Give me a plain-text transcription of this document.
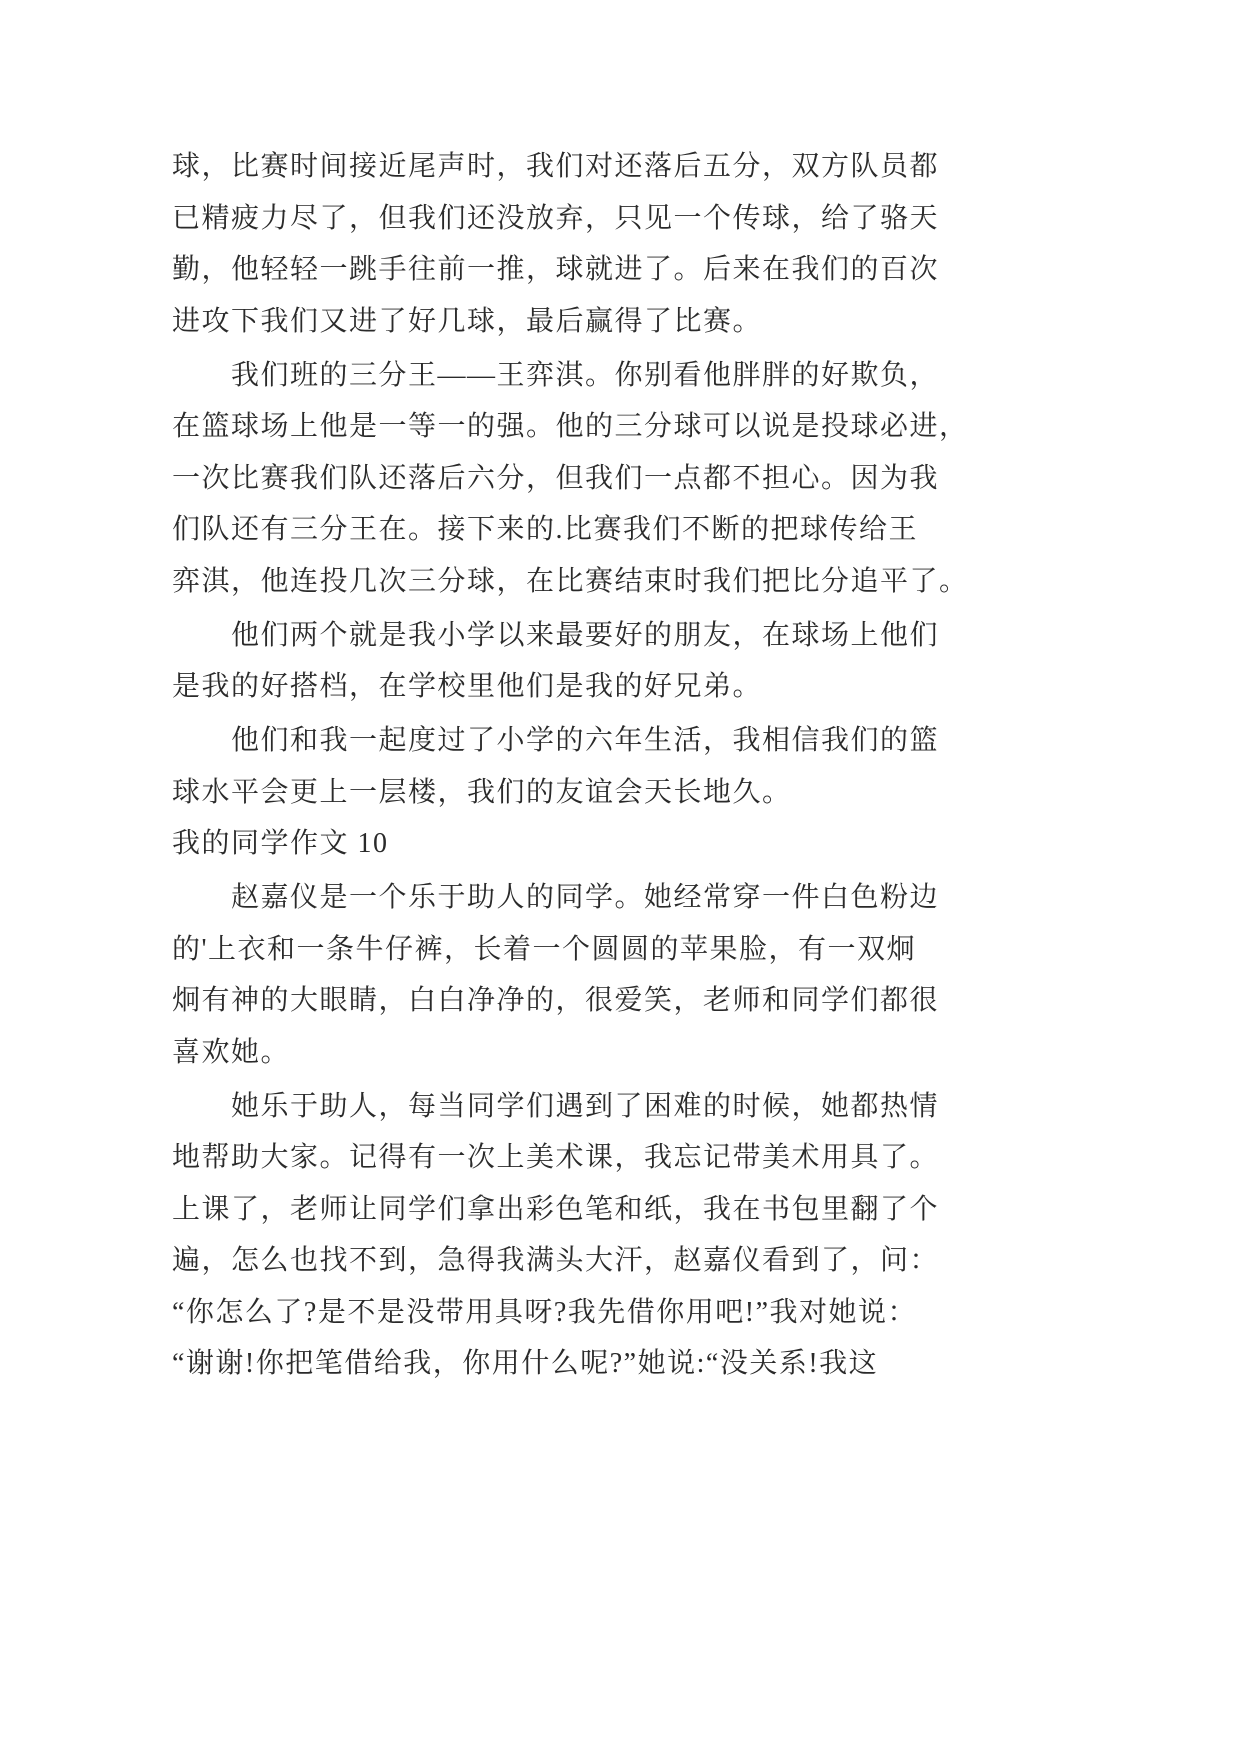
球，比赛时间接近尾声时，我们对还落后五分，双方队员都
已精疲力尽了，但我们还没放弃，只见一个传球，给了骆天
勤，他轻轻一跳手往前一推，球就进了。后来在我们的百次
进攻下我们又进了好几球，最后赢得了比赛。
我们班的三分王——王弈淇。你别看他胖胖的好欺负，
在篮球场上他是一等一的强。他的三分球可以说是投球必进，
一次比赛我们队还落后六分，但我们一点都不担心。因为我
们队还有三分王在。接下来的.比赛我们不断的把球传给王
弈淇，他连投几次三分球，在比赛结束时我们把比分追平了。
他们两个就是我小学以来最要好的朋友，在球场上他们
是我的好搭档，在学校里他们是我的好兄弟。
他们和我一起度过了小学的六年生活，我相信我们的篮
球水平会更上一层楼，我们的友谊会天长地久。
我的同学作文 10
赵嘉仪是一个乐于助人的同学。她经常穿一件白色粉边
的'上衣和一条牛仔裤，长着一个圆圆的苹果脸，有一双炯
炯有神的大眼睛，白白净净的，很爱笑，老师和同学们都很
喜欢她。
她乐于助人，每当同学们遇到了困难的时候，她都热情
地帮助大家。记得有一次上美术课，我忘记带美术用具了。
上课了，老师让同学们拿出彩色笔和纸，我在书包里翻了个
遍，怎么也找不到，急得我满头大汗，赵嘉仪看到了，问：
“你怎么了?是不是没带用具呀?我先借你用吧!”我对她说：
“谢谢!你把笔借给我，你用什么呢?”她说:“没关系!我这
